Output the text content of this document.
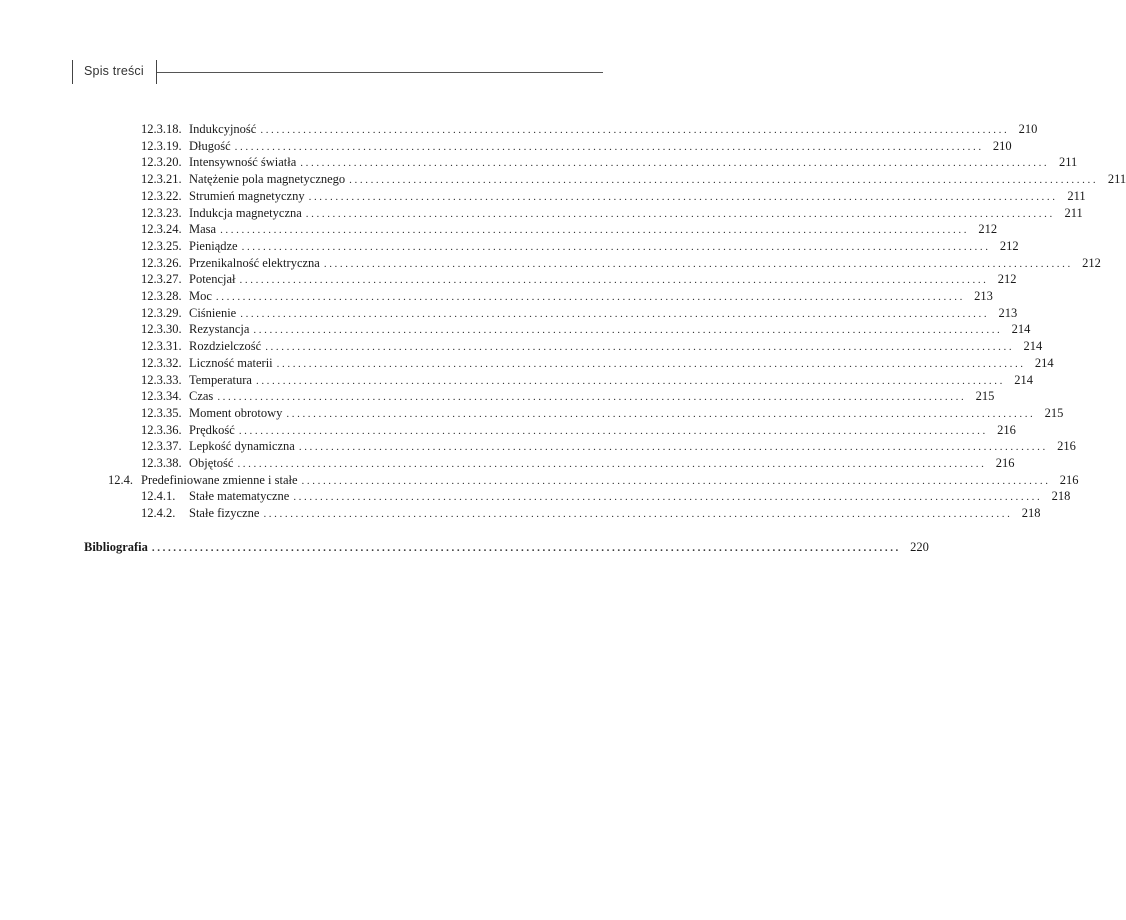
Spis treści
12.3.18. Indukcyjność ............................................................................................................................................ 210
12.3.19. Długość ............................................................................................................................................ 210
12.3.20. Intensywność światła ............................................................................................................................................ 211
12.3.21. Natężenie pola magnetycznego ............................................................................................................................................ 211
12.3.22. Strumień magnetyczny ............................................................................................................................................ 211
12.3.23. Indukcja magnetyczna ............................................................................................................................................ 211
12.3.24. Masa ............................................................................................................................................ 212
12.3.25. Pieniądze ............................................................................................................................................ 212
12.3.26. Przenikalność elektryczna ............................................................................................................................................ 212
12.3.27. Potencjał ............................................................................................................................................ 212
12.3.28. Moc ............................................................................................................................................ 213
12.3.29. Ciśnienie ............................................................................................................................................ 213
12.3.30. Rezystancja ............................................................................................................................................ 214
12.3.31. Rozdzielczość ............................................................................................................................................ 214
12.3.32. Liczność materii ............................................................................................................................................ 214
12.3.33. Temperatura ............................................................................................................................................ 214
12.3.34. Czas ............................................................................................................................................ 215
12.3.35. Moment obrotowy ............................................................................................................................................ 215
12.3.36. Prędkość ............................................................................................................................................ 216
12.3.37. Lepkość dynamiczna ............................................................................................................................................ 216
12.3.38. Objętość ............................................................................................................................................ 216
12.4. Predefiniowane zmienne i stałe ............................................................................................................................................ 216
12.4.1.	Stałe matematyczne ............................................................................................................................................ 218
12.4.2.	Stałe fizyczne ............................................................................................................................................ 218
Bibliografia ............................................................................................................................................ 220
